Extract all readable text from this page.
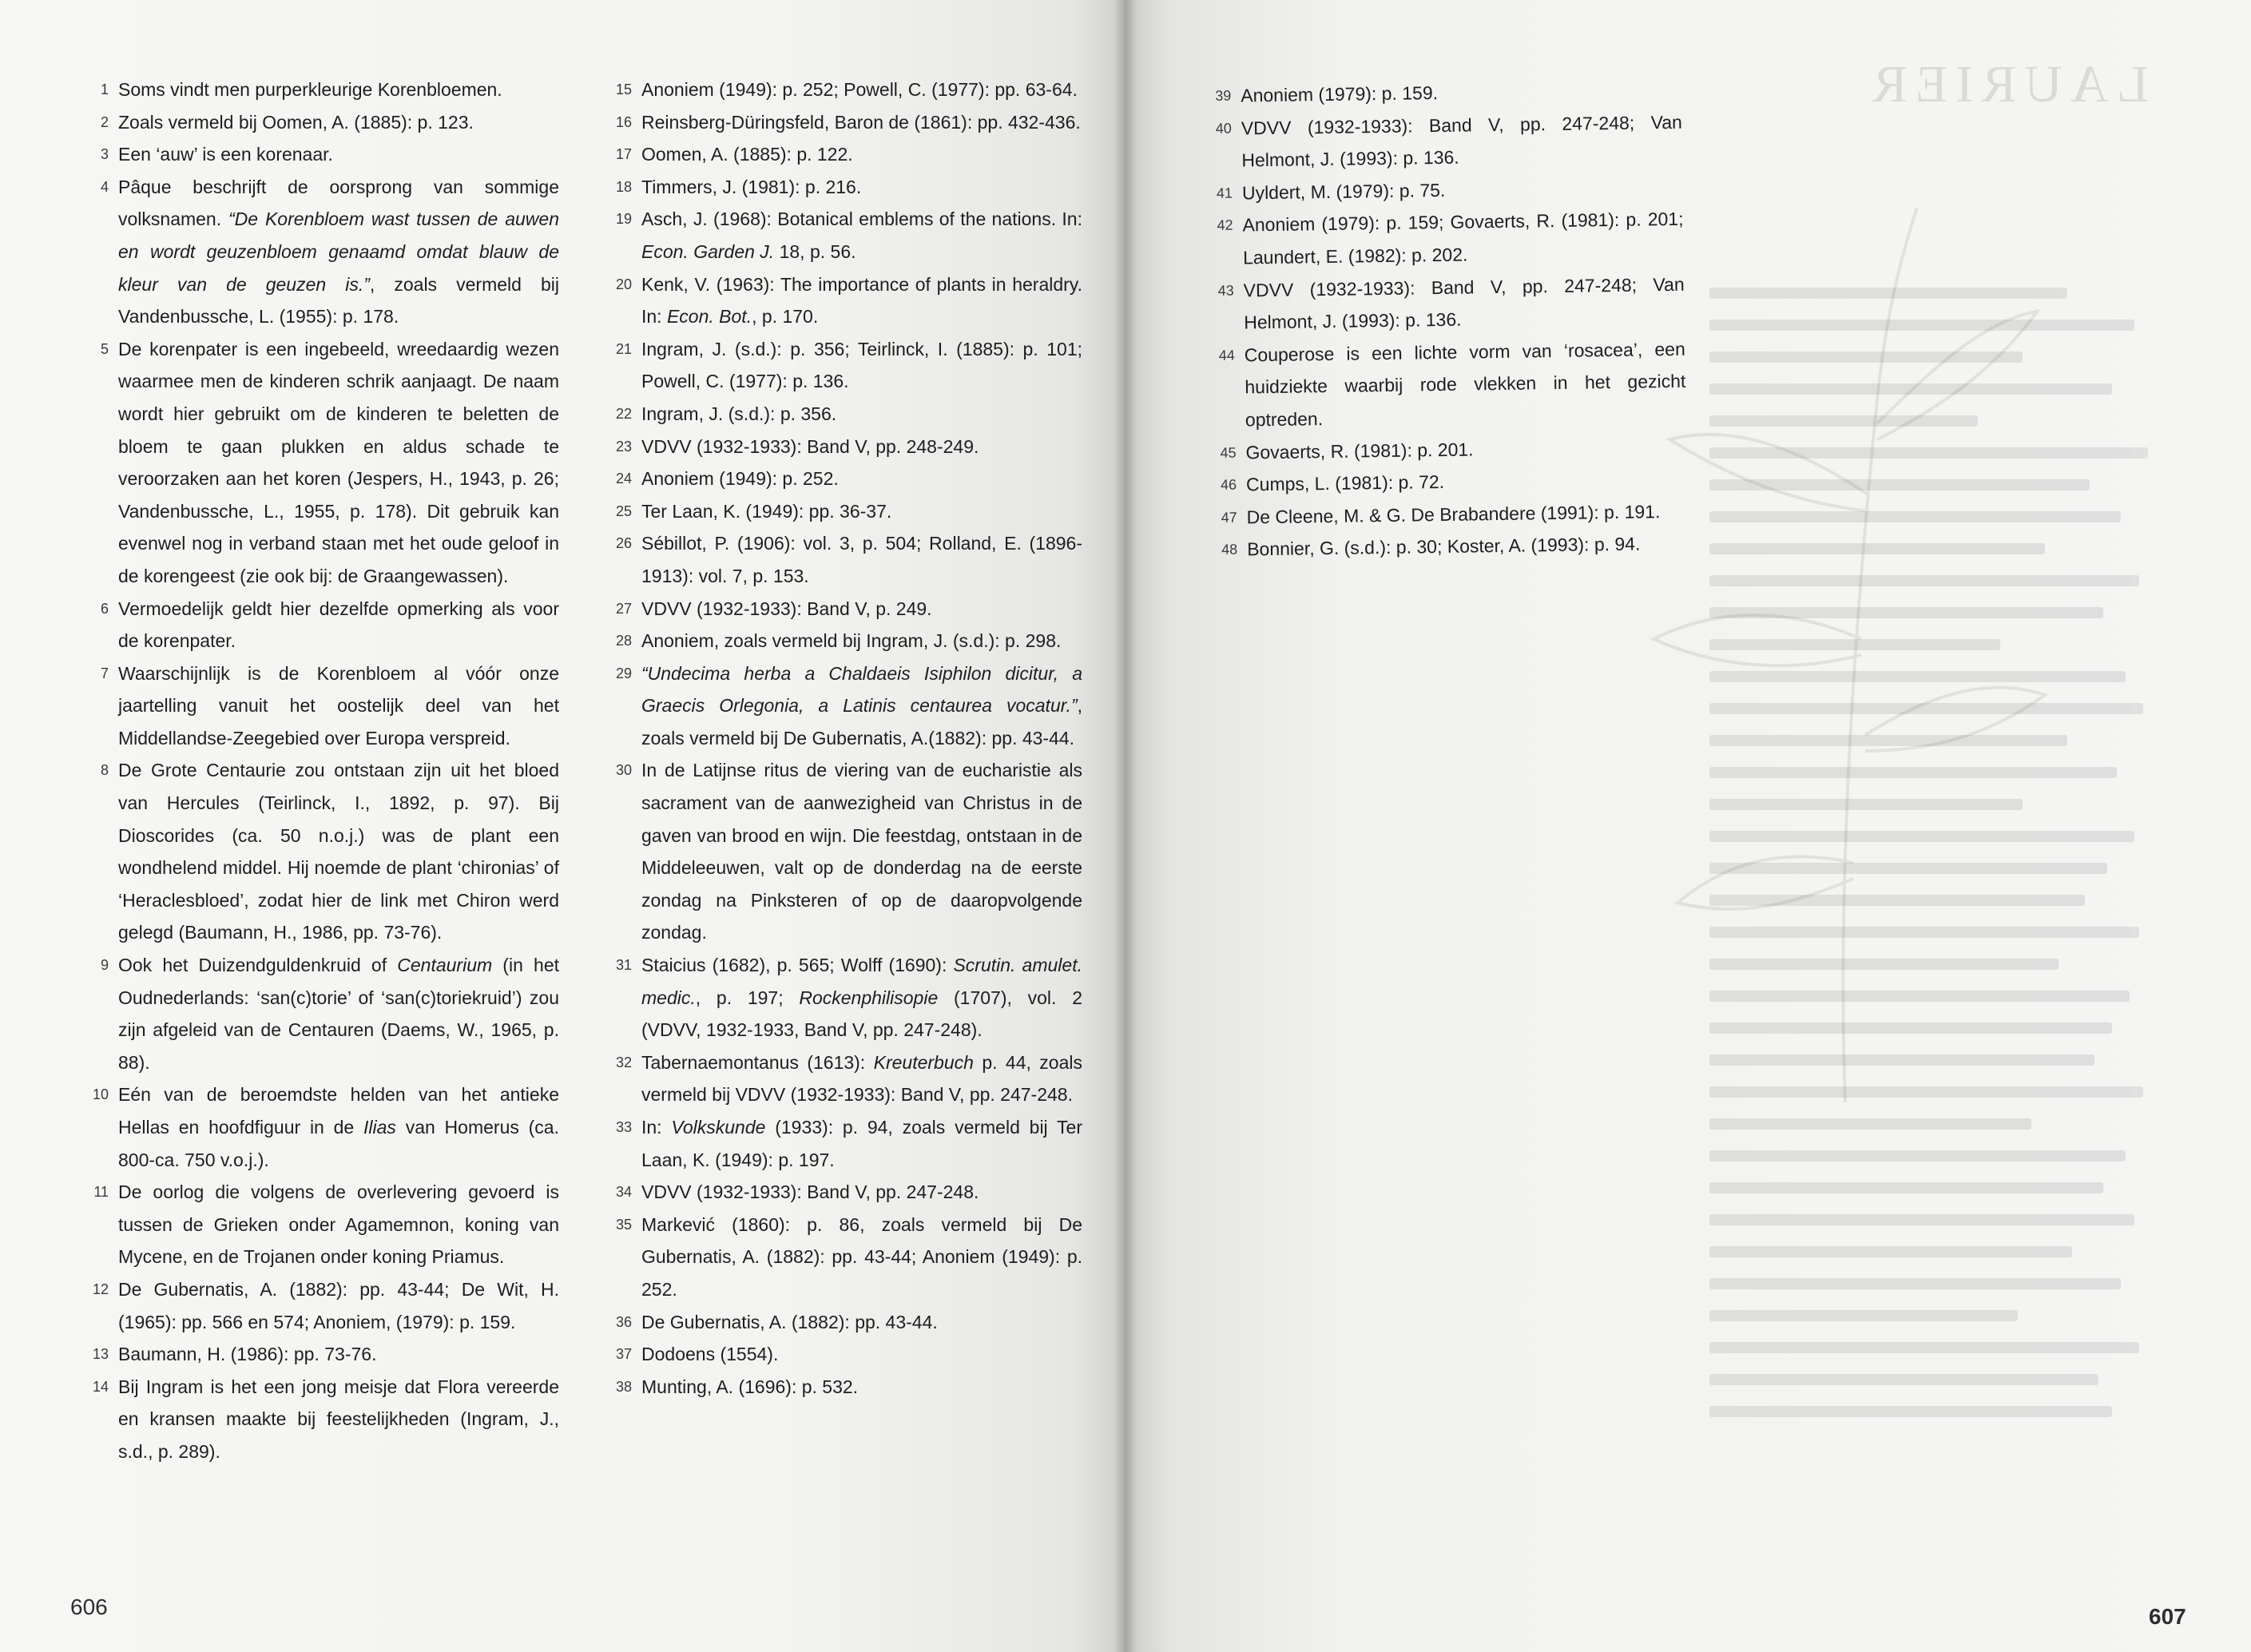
LAURIER
1 Soms vindt men purperkleurige Korenbloemen.
2 Zoals vermeld bij Oomen, A. (1885): p. 123.
3 Een ‘auw’ is een korenaar.
4 Pâque beschrijft de oorsprong van sommige volksnamen. “De Korenbloem wast tussen de auwen en wordt geuzenbloem genaamd omdat blauw de kleur van de geuzen is.”, zoals vermeld bij Vandenbussche, L. (1955): p. 178.
5 De korenpater is een ingebeeld, wreedaardig wezen waarmee men de kinderen schrik aanjaagt. De naam wordt hier gebruikt om de kinderen te beletten de bloem te gaan plukken en aldus schade te veroorzaken aan het koren (Jespers, H., 1943, p. 26; Vandenbussche, L., 1955, p. 178). Dit gebruik kan evenwel nog in verband staan met het oude geloof in de korengeest (zie ook bij: de Graangewassen).
6 Vermoedelijk geldt hier dezelfde opmerking als voor de korenpater.
7 Waarschijnlijk is de Korenbloem al vóór onze jaartelling vanuit het oostelijk deel van het Middellandse-Zeegebied over Europa verspreid.
8 De Grote Centaurie zou ontstaan zijn uit het bloed van Hercules (Teirlinck, I., 1892, p. 97). Bij Dioscorides (ca. 50 n.o.j.) was de plant een wondhelend middel. Hij noemde de plant ‘chironias’ of ‘Heraclesbloed’, zodat hier de link met Chiron werd gelegd (Baumann, H., 1986, pp. 73-76).
9 Ook het Duizendguldenkruid of Centaurium (in het Oudnederlands: ‘san(c)torie’ of ‘san(c)toriekruid’) zou zijn afgeleid van de Centauren (Daems, W., 1965, p. 88).
10 Eén van de beroemdste helden van het antieke Hellas en hoofdfiguur in de Ilias van Homerus (ca. 800-ca. 750 v.o.j.).
11 De oorlog die volgens de overlevering gevoerd is tussen de Grieken onder Agamemnon, koning van Mycene, en de Trojanen onder koning Priamus.
12 De Gubernatis, A. (1882): pp. 43-44; De Wit, H. (1965): pp. 566 en 574; Anoniem, (1979): p. 159.
13 Baumann, H. (1986): pp. 73-76.
14 Bij Ingram is het een jong meisje dat Flora vereerde en kransen maakte bij feestelijkheden (Ingram, J., s.d., p. 289).
15 Anoniem (1949): p. 252; Powell, C. (1977): pp. 63-64.
16 Reinsberg-Düringsfeld, Baron de (1861): pp. 432-436.
17 Oomen, A. (1885): p. 122.
18 Timmers, J. (1981): p. 216.
19 Asch, J. (1968): Botanical emblems of the nations. In: Econ. Garden J. 18, p. 56.
20 Kenk, V. (1963): The importance of plants in heraldry. In: Econ. Bot., p. 170.
21 Ingram, J. (s.d.): p. 356; Teirlinck, I. (1885): p. 101; Powell, C. (1977): p. 136.
22 Ingram, J. (s.d.): p. 356.
23 VDVV (1932-1933): Band V, pp. 248-249.
24 Anoniem (1949): p. 252.
25 Ter Laan, K. (1949): pp. 36-37.
26 Sébillot, P. (1906): vol. 3, p. 504; Rolland, E. (1896-1913): vol. 7, p. 153.
27 VDVV (1932-1933): Band V, p. 249.
28 Anoniem, zoals vermeld bij Ingram, J. (s.d.): p. 298.
29 “Undecima herba a Chaldaeis Isiphilon dicitur, a Graecis Orlegonia, a Latinis centaurea vocatur.”, zoals vermeld bij De Gubernatis, A.(1882): pp. 43-44.
30 In de Latijnse ritus de viering van de eucharistie als sacrament van de aanwezigheid van Christus in de gaven van brood en wijn. Die feestdag, ontstaan in de Middeleeuwen, valt op de donderdag na de eerste zondag na Pinksteren of op de daaropvolgende zondag.
31 Staicius (1682), p. 565; Wolff (1690): Scrutin. amulet. medic., p. 197; Rockenphilisopie (1707), vol. 2 (VDVV, 1932-1933, Band V, pp. 247-248).
32 Tabernaemontanus (1613): Kreuterbuch p. 44, zoals vermeld bij VDVV (1932-1933): Band V, pp. 247-248.
33 In: Volkskunde (1933): p. 94, zoals vermeld bij Ter Laan, K. (1949): p. 197.
34 VDVV (1932-1933): Band V, pp. 247-248.
35 Markević (1860): p. 86, zoals vermeld bij De Gubernatis, A. (1882): pp. 43-44; Anoniem (1949): p. 252.
36 De Gubernatis, A. (1882): pp. 43-44.
37 Dodoens (1554).
38 Munting, A. (1696): p. 532.
39 Anoniem (1979): p. 159.
40 VDVV (1932-1933): Band V, pp. 247-248; Van Helmont, J. (1993): p. 136.
41 Uyldert, M. (1979): p. 75.
42 Anoniem (1979): p. 159; Govaerts, R. (1981): p. 201; Laundert, E. (1982): p. 202.
43 VDVV (1932-1933): Band V, pp. 247-248; Van Helmont, J. (1993): p. 136.
44 Couperose is een lichte vorm van ‘rosacea’, een huidziekte waarbij rode vlekken in het gezicht optreden.
45 Govaerts, R. (1981): p. 201.
46 Cumps, L. (1981): p. 72.
47 De Cleene, M. & G. De Brabandere (1991): p. 191.
48 Bonnier, G. (s.d.): p. 30; Koster, A. (1993): p. 94.
606	607
